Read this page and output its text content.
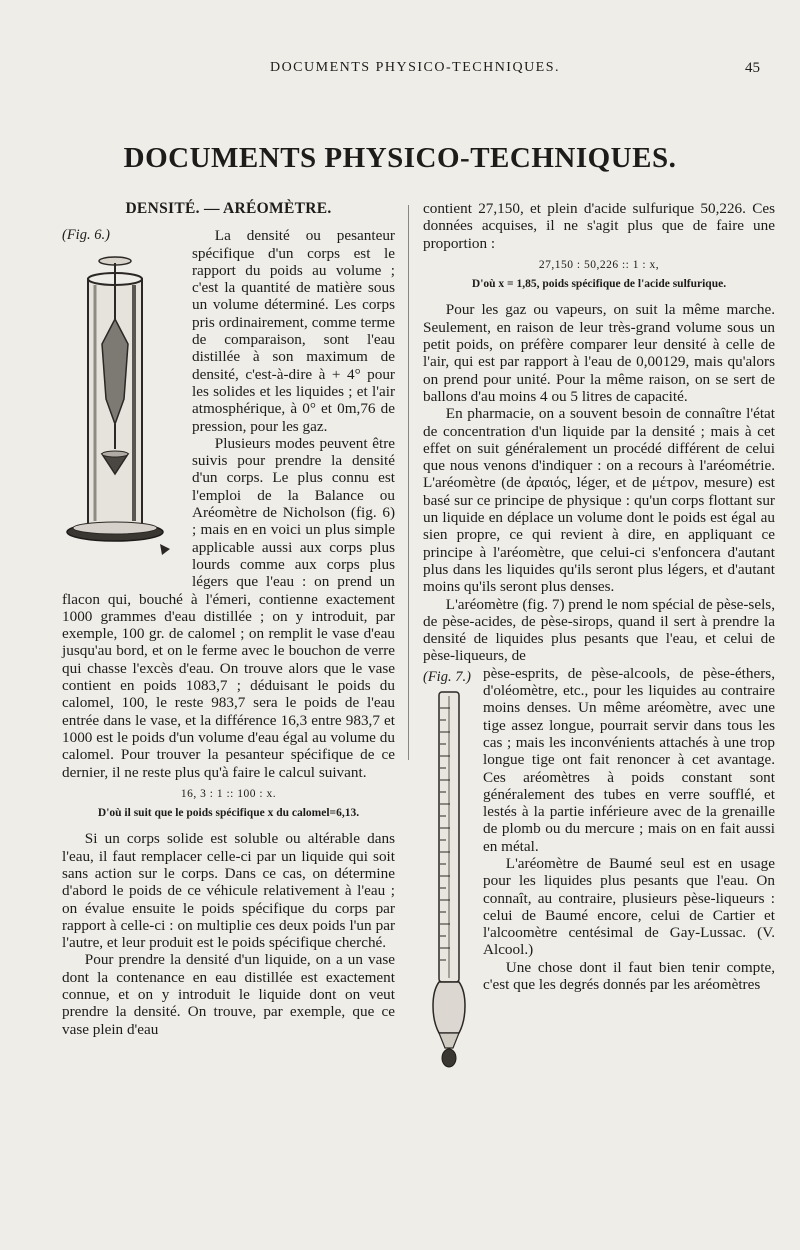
DOCUMENTS PHYSICO-TECHNIQUES.	45
DOCUMENTS PHYSICO-TECHNIQUES.
DENSITÉ. — ARÉOMÈTRE.
(Fig. 6.)	La densité ou pesanteur spécifique d'un corps est le rapport du poids au volume ; c'est la quantité de matière sous un volume déterminé. Les corps pris ordinairement, comme terme de comparaison, sont l'eau distillée à son maximum de densité, c'est-à-dire à + 4° pour les solides et les liquides ; et l'air atmosphérique, à 0° et 0m,76 de pression, pour les gaz.

Plusieurs modes peuvent être suivis pour prendre la densité d'un corps. Le plus connu est l'emploi de la Balance ou Aréomètre de Nicholson (fig. 6) ; mais en en voici un plus simple applicable aussi aux corps plus lourds comme aux corps plus légers que l'eau : on prend un flacon qui, bouché à l'émeri, contienne exactement 1000 grammes d'eau distillée ; on y introduit, par exemple, 100 gr. de calomel ; on remplit le vase d'eau jusqu'au bord, et on le ferme avec le bouchon de verre qui chasse l'excès d'eau. On trouve alors que le vase contient en poids 1083,7 ; déduisant le poids du calomel, 100, le reste 983,7 sera le poids de l'eau entrée dans le vase, et la différence 16,3 entre 983,7 et 1000 est le poids d'un volume d'eau égal au volume du calomel. Pour trouver la pesanteur spécifique de ce dernier, il ne reste plus qu'à faire le calcul suivant.

16, 3 : 1 :: 100 : x.
D'où il suit que le poids spécifique x du calomel=6,13.

Si un corps solide est soluble ou altérable dans l'eau, il faut remplacer celle-ci par un liquide qui soit sans action sur le corps. Dans ce cas, on détermine d'abord le poids de ce véhicule relativement à l'eau ; on évalue ensuite le poids spécifique du corps par rapport à celle-ci : on multiplie ces deux poids l'un par l'autre, et leur produit est le poids spécifique cherché.

Pour prendre la densité d'un liquide, on a un vase dont la contenance en eau distillée est exactement connue, et on y introduit le liquide dont on veut prendre la densité. On trouve, par exemple, que ce vase plein d'eau

contient 27,150, et plein d'acide sulfurique 50,226. Ces données acquises, il ne s'agit plus que de faire une proportion :

27,150 : 50,226 :: 1 : x,
D'où x = 1,85, poids spécifique de l'acide sulfurique.

Pour les gaz ou vapeurs, on suit la même marche. Seulement, en raison de leur très-grand volume sous un petit poids, on préfère comparer leur densité à celle de l'air, qui est par rapport à l'eau de 0,00129, mais qu'alors on prend pour unité. Pour la même raison, on se sert de ballons d'au moins 4 ou 5 litres de capacité.

En pharmacie, on a souvent besoin de connaître l'état de concentration d'un liquide par la densité ; mais à cet effet on suit généralement un procédé différent de celui que nous venons d'indiquer : on a recours à l'aréométrie. L'aréomètre (de ἀραιός, léger, et de μέτρον, mesure) est basé sur ce principe de physique : qu'un corps flottant sur un liquide en déplace un volume dont le poids est égal au sien propre, ce qui revient à dire, en appliquant ce principe à l'aréomètre, que celui-ci s'enfoncera d'autant plus dans les liquides qu'ils seront plus légers, et d'autant moins qu'ils seront plus denses.

L'aréomètre (fig. 7) prend le nom spécial de pèse-sels, de pèse-acides, de pèse-sirops, quand il sert à prendre la densité de liquides plus pesants que l'eau, et celui de pèse-liqueurs, de

(Fig. 7.) pèse-esprits, de pèse-alcools, de pèse-éthers, d'oléomètre, etc., pour les liquides au contraire moins denses. Un même aréomètre, avec une tige assez longue, pourrait servir dans tous les cas ; mais les inconvénients attachés à une trop longue tige ont fait renoncer à cet avantage. Ces aréomètres à poids constant sont généralement des tubes en verre soufflé, et lestés à la partie inférieure avec de la grenaille de plomb ou du mercure ; mais on en fait aussi en métal.

L'aréomètre de Baumé seul est en usage pour les liquides plus pesants que l'eau. On connaît, au contraire, plusieurs pèse-liqueurs : celui de Baumé encore, celui de Cartier et l'alcoomètre centésimal de Gay-Lussac. (V. Alcool.)

Une chose dont il faut bien tenir compte, c'est que les degrés donnés par les aréomètres
